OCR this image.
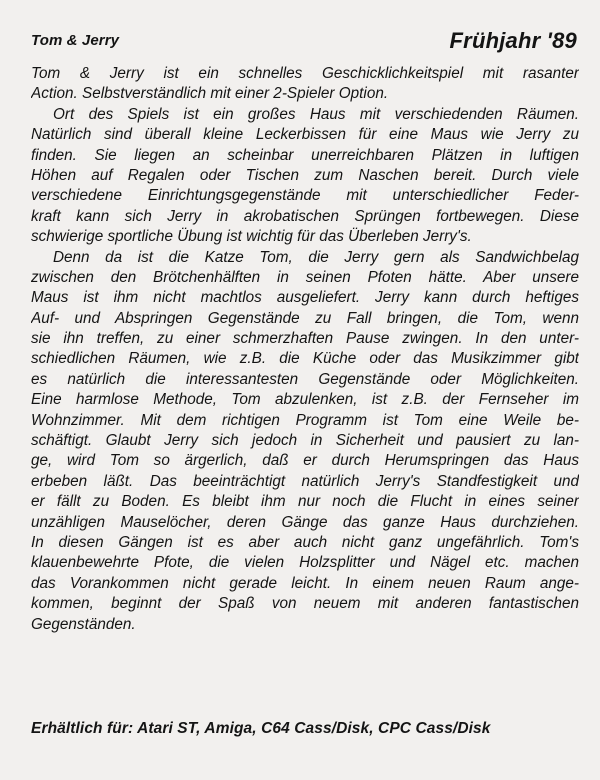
Tom & Jerry	Frühjahr '89
Tom & Jerry ist ein schnelles Geschicklichkeitspiel mit rasanter
Action. Selbstverständlich mit einer 2-Spieler Option.
Ort des Spiels ist ein großes Haus mit verschiedenden Räumen.
Natürlich sind überall kleine Leckerbissen für eine Maus wie Jerry zu
finden. Sie liegen an scheinbar unerreichbaren Plätzen in luftigen
Höhen auf Regalen oder Tischen zum Naschen bereit. Durch viele
verschiedene Einrichtungsgegenstände mit unterschiedlicher Feder-
kraft kann sich Jerry in akrobatischen Sprüngen fortbewegen. Diese
schwierige sportliche Übung ist wichtig für das Überleben Jerry's.
Denn da ist die Katze Tom, die Jerry gern als Sandwichbelag
zwischen den Brötchenhälften in seinen Pfoten hätte. Aber unsere
Maus ist ihm nicht machtlos ausgeliefert. Jerry kann durch heftiges
Auf- und Abspringen Gegenstände zu Fall bringen, die Tom, wenn
sie ihn treffen, zu einer schmerzhaften Pause zwingen. In den unter-
schiedlichen Räumen, wie z.B. die Küche oder das Musikzimmer gibt
es natürlich die interessantesten Gegenstände oder Möglichkeiten.
Eine harmlose Methode, Tom abzulenken, ist z.B. der Fernseher im
Wohnzimmer. Mit dem richtigen Programm ist Tom eine Weile be-
schäftigt. Glaubt Jerry sich jedoch in Sicherheit und pausiert zu lan-
ge, wird Tom so ärgerlich, daß er durch Herumspringen das Haus
erbeben läßt. Das beeinträchtigt natürlich Jerry's Standfestigkeit und
er fällt zu Boden. Es bleibt ihm nur noch die Flucht in eines seiner
unzähligen Mauselöcher, deren Gänge das ganze Haus durchziehen.
In diesen Gängen ist es aber auch nicht ganz ungefährlich. Tom's
klauenbewehrte Pfote, die vielen Holzsplitter und Nägel etc. machen
das Vorankommen nicht gerade leicht. In einem neuen Raum ange-
kommen, beginnt der Spaß von neuem mit anderen fantastischen
Gegenständen.
Erhältlich für: Atari ST, Amiga, C64 Cass/Disk, CPC Cass/Disk
